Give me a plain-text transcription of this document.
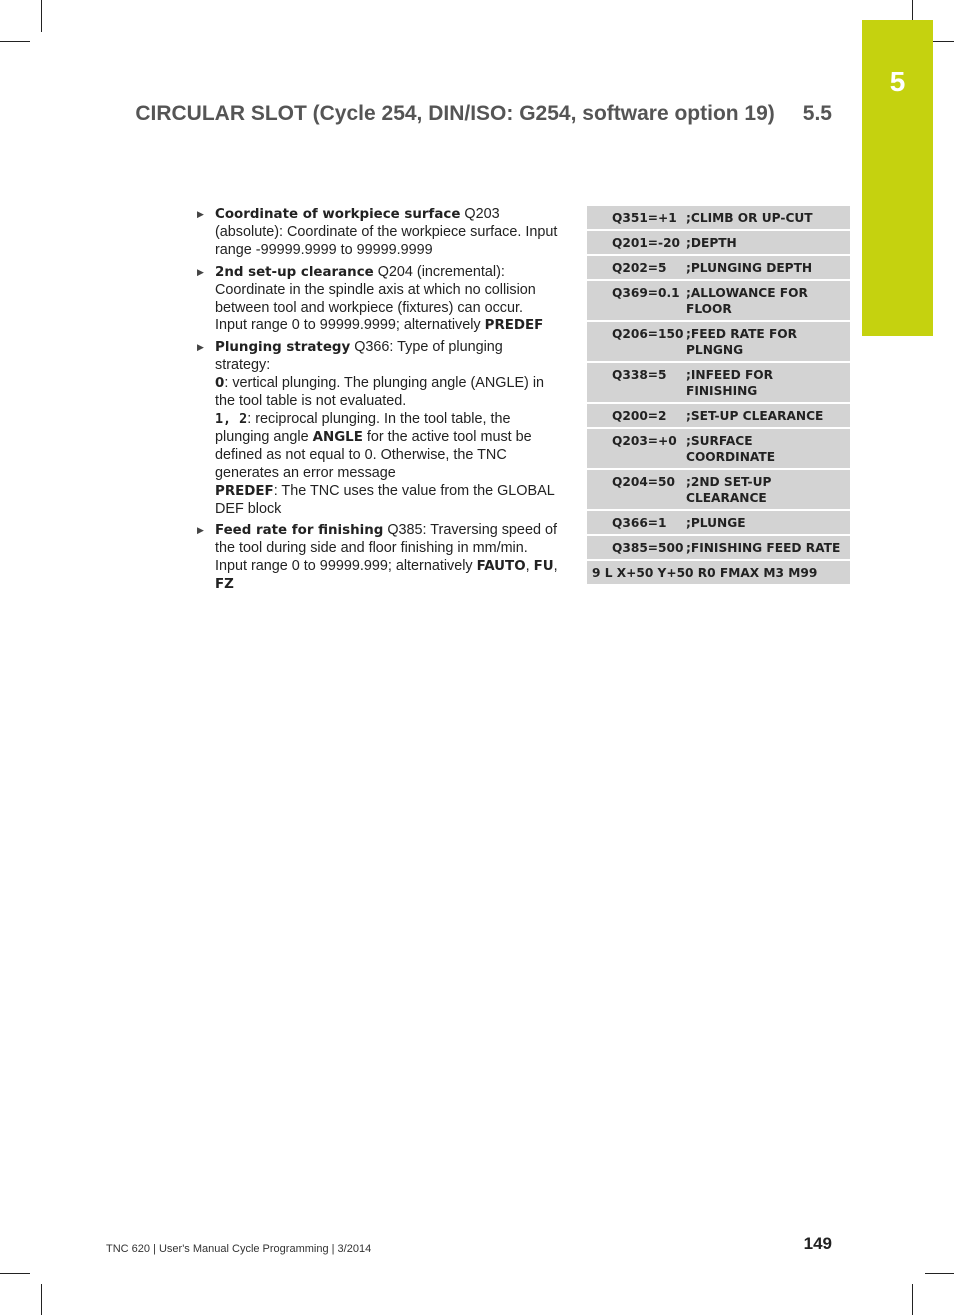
5
CIRCULAR SLOT (Cycle 254, DIN/ISO: G254, software option 19) 5.5
▶ Coordinate of workpiece surface Q203 (absolute): Coordinate of the workpiece surface. Input range -99999.9999 to 99999.9999
▶ 2nd set-up clearance Q204 (incremental): Coordinate in the spindle axis at which no collision between tool and workpiece (fixtures) can occur. Input range 0 to 99999.9999; alternatively PREDEF
▶ Plunging strategy Q366: Type of plunging strategy:
0: vertical plunging. The plunging angle (ANGLE) in the tool table is not evaluated.
1, 2: reciprocal plunging. In the tool table, the plunging angle ANGLE for the active tool must be defined as not equal to 0. Otherwise, the TNC generates an error message
PREDEF: The TNC uses the value from the GLOBAL DEF block
▶ Feed rate for finishing Q385: Traversing speed of the tool during side and floor finishing in mm/min. Input range 0 to 99999.999; alternatively FAUTO, FU, FZ
Q351=+1 ;CLIMB OR UP-CUT
Q201=-20 ;DEPTH
Q202=5	;PLUNGING DEPTH
Q369=0.1 ;ALLOWANCE FOR FLOOR
Q206=150 ;FEED RATE FOR PLNGNG
Q338=5	;INFEED FOR FINISHING
Q200=2	;SET-UP CLEARANCE
Q203=+0 ;SURFACE COORDINATE
Q204=50 ;2ND SET-UP CLEARANCE
Q366=1	;PLUNGE
Q385=500 ;FINISHING FEED RATE
9 L X+50 Y+50 R0 FMAX M3 M99
TNC 620 | User's Manual Cycle Programming | 3/2014	149
